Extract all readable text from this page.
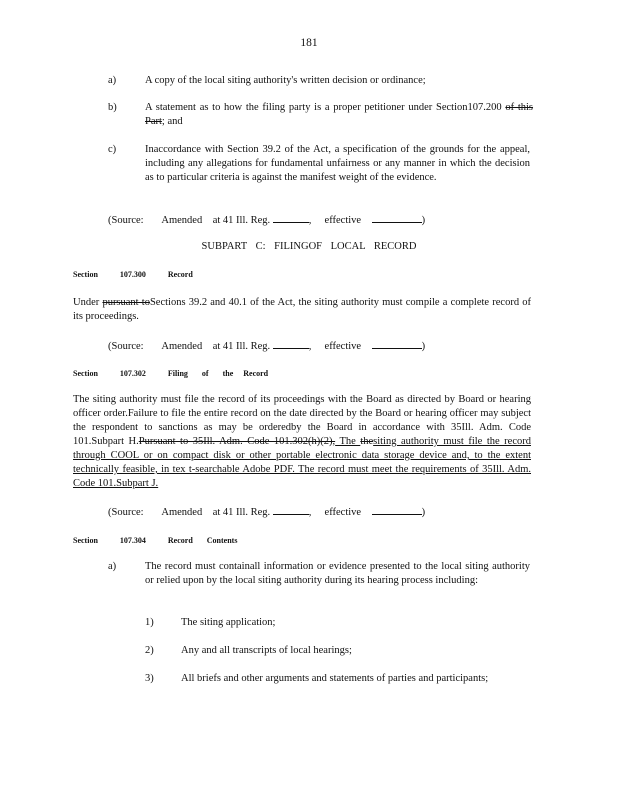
181
a)	A copy of the local siting authority's written decision or ordinance;
b)	A statement as to how the filing party is a proper petitioner under Section107.200 of this Part; and
c)	Inaccordance with Section 39.2 of the Act, a specification of the grounds for the appeal, including any allegations for fundamental unfairness or any manner in which the decision as to particular criteria is against the manifest weight of the evidence.
(Source: Amended at 41 Ill. Reg.	, effective	)
SUBPART C: FILINGOF LOCAL RECORD
Section	107.300	Record
Under pursuant toSections 39.2 and 40.1 of the Act, the siting authority must compile a complete record of its proceedings.
(Source: Amended at 41 Ill. Reg.	, effective	)
Section	107.302	Filing of the Record
The siting authority must file the record of its proceedings with the Board as directed by Board or hearing officer order.Failure to file the entire record on the date directed by the Board or hearing officer may subject the respondent to sanctions as may be orderedby the Board in accordance with 35Ill. Adm. Code 101.Subpart H.Pursuant to 35Ill. Adm. Code 101.302(h)(2), The thesiting authority must file the record through COOL or on compact disk or other portable electronic data storage device and, to the extent technically feasible, in tex t-searchable Adobe PDF. The record must meet the requirements of 35Ill. Adm. Code 101.Subpart J.
(Source: Amended at 41 Ill. Reg.	, effective	)
Section	107.304	Record Contents
a)	The record must containall information or evidence presented to the local siting authority or relied upon by the local siting authority during its hearing process including:
1)	The siting application;
2)	Any and all transcripts of local hearings;
3)	All briefs and other arguments and statements of parties and participants;
